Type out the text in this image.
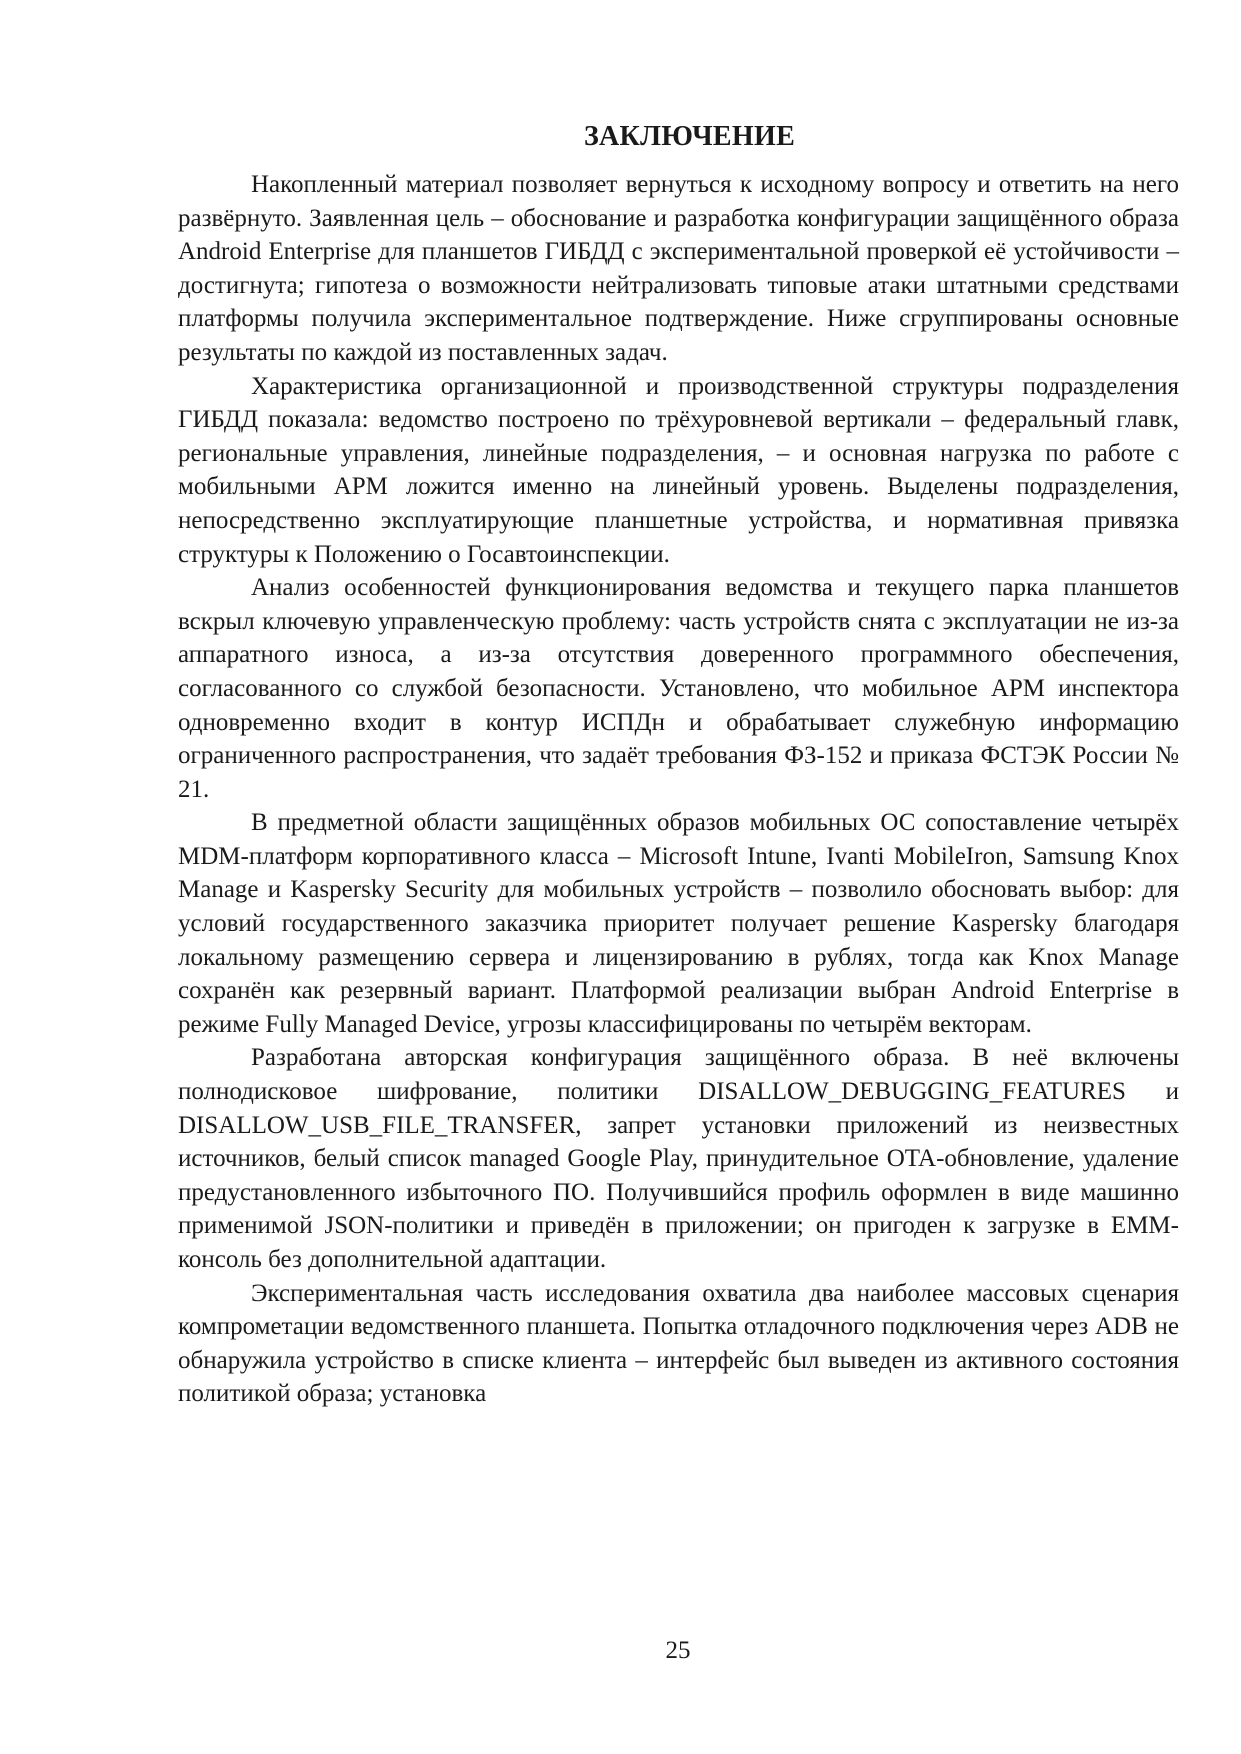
ЗАКЛЮЧЕНИЕ

Накопленный материал позволяет вернуться к исходному вопросу и ответить на него развёрнуто. Заявленная цель – обоснование и разработка конфигурации защищённого образа Android Enterprise для планшетов ГИБДД с экспериментальной проверкой её устойчивости – достигнута; гипотеза о возможности нейтрализовать типовые атаки штатными средствами платформы получила экспериментальное подтверждение. Ниже сгруппированы основные результаты по каждой из поставленных задач.

Характеристика организационной и производственной структуры подразделения ГИБДД показала: ведомство построено по трёхуровневой вертикали – федеральный главк, региональные управления, линейные подразделения, – и основная нагрузка по работе с мобильными АРМ ложится именно на линейный уровень. Выделены подразделения, непосредственно эксплуатирующие планшетные устройства, и нормативная привязка структуры к Положению о Госавтоинспекции.

Анализ особенностей функционирования ведомства и текущего парка планшетов вскрыл ключевую управленческую проблему: часть устройств снята с эксплуатации не из-за аппаратного износа, а из-за отсутствия доверенного программного обеспечения, согласованного со службой безопасности. Установлено, что мобильное АРМ инспектора одновременно входит в контур ИСПДн и обрабатывает служебную информацию ограниченного распространения, что задаёт требования ФЗ-152 и приказа ФСТЭК России № 21.

В предметной области защищённых образов мобильных ОС сопоставление четырёх MDM-платформ корпоративного класса – Microsoft Intune, Ivanti MobileIron, Samsung Knox Manage и Kaspersky Security для мобильных устройств – позволило обосновать выбор: для условий государственного заказчика приоритет получает решение Kaspersky благодаря локальному размещению сервера и лицензированию в рублях, тогда как Knox Manage сохранён как резервный вариант. Платформой реализации выбран Android Enterprise в режиме Fully Managed Device, угрозы классифицированы по четырём векторам.

Разработана авторская конфигурация защищённого образа. В неё включены полнодисковое шифрование, политики DISALLOW_DEBUGGING_FEATURES и DISALLOW_USB_FILE_TRANSFER, запрет установки приложений из неизвестных источников, белый список managed Google Play, принудительное OTA-обновление, удаление предустановленного избыточного ПО. Получившийся профиль оформлен в виде машинно применимой JSON-политики и приведён в приложении; он пригоден к загрузке в EMM-консоль без дополнительной адаптации.

Экспериментальная часть исследования охватила два наиболее массовых сценария компрометации ведомственного планшета. Попытка отладочного подключения через ADB не обнаружила устройство в списке клиента – интерфейс был выведен из активного состояния политикой образа; установка

25
